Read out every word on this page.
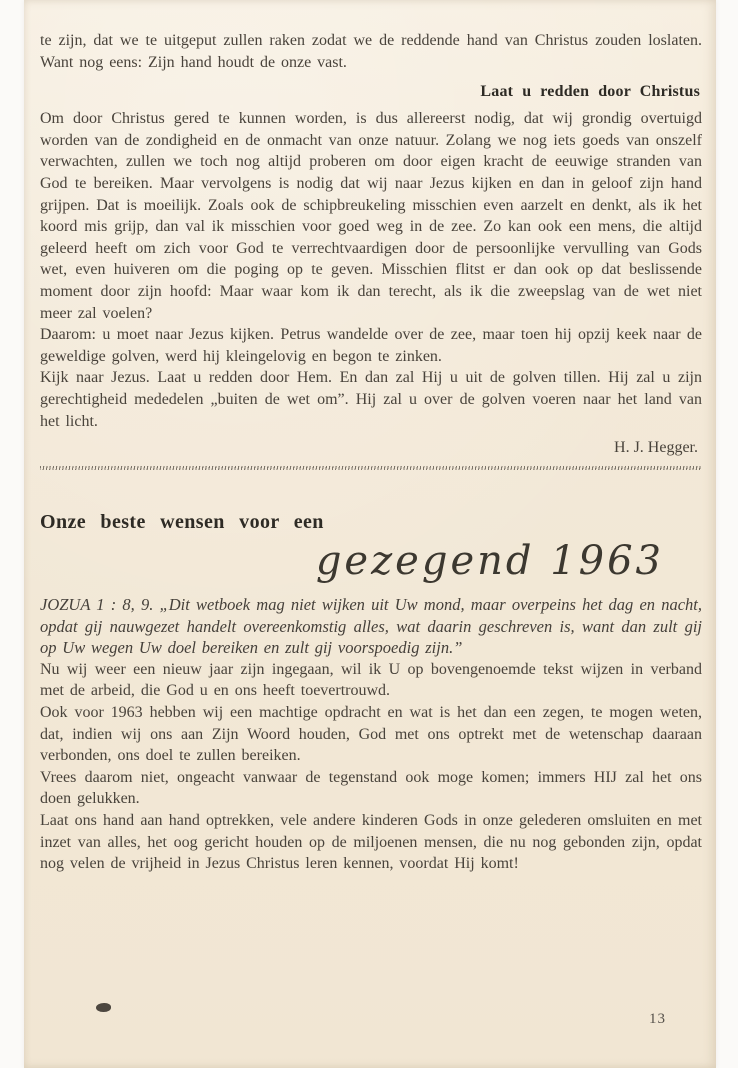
te zijn, dat we te uitgeput zullen raken zodat we de reddende hand van Christus zouden loslaten. Want nog eens: Zijn hand houdt de onze vast.

Laat u redden door Christus

Om door Christus gered te kunnen worden, is dus allereerst nodig, dat wij grondig overtuigd worden van de zondigheid en de onmacht van onze natuur. Zolang we nog iets goeds van onszelf verwachten, zullen we toch nog altijd proberen om door eigen kracht de eeuwige stranden van God te bereiken. Maar vervolgens is nodig dat wij naar Jezus kijken en dan in geloof zijn hand grijpen. Dat is moeilijk. Zoals ook de schipbreukeling misschien even aarzelt en denkt, als ik het koord mis grijp, dan val ik misschien voor goed weg in de zee. Zo kan ook een mens, die altijd geleerd heeft om zich voor God te verrechtvaardigen door de persoonlijke vervulling van Gods wet, even huiveren om die poging op te geven. Misschien flitst er dan ook op dat beslissende moment door zijn hoofd: Maar waar kom ik dan terecht, als ik die zweepslag van de wet niet meer zal voelen?

Daarom: u moet naar Jezus kijken. Petrus wandelde over de zee, maar toen hij opzij keek naar de geweldige golven, werd hij kleingelovig en begon te zinken.

Kijk naar Jezus. Laat u redden door Hem. En dan zal Hij u uit de golven tillen. Hij zal u zijn gerechtigheid mededelen „buiten de wet om”. Hij zal u over de golven voeren naar het land van het licht.

H. J. Hegger.

Onze beste wensen voor een
gezegend 1963

JOZUA 1 : 8, 9. „Dit wetboek mag niet wijken uit Uw mond, maar overpeins het dag en nacht, opdat gij nauwgezet handelt overeenkomstig alles, wat daarin geschreven is, want dan zult gij op Uw wegen Uw doel bereiken en zult gij voorspoedig zijn.”

Nu wij weer een nieuw jaar zijn ingegaan, wil ik U op bovengenoemde tekst wijzen in verband met de arbeid, die God u en ons heeft toevertrouwd.

Ook voor 1963 hebben wij een machtige opdracht en wat is het dan een zegen, te mogen weten, dat, indien wij ons aan Zijn Woord houden, God met ons optrekt met de wetenschap daaraan verbonden, ons doel te zullen bereiken.

Vrees daarom niet, ongeacht vanwaar de tegenstand ook moge komen; immers HIJ zal het ons doen gelukken.

Laat ons hand aan hand optrekken, vele andere kinderen Gods in onze gelederen omsluiten en met inzet van alles, het oog gericht houden op de miljoenen mensen, die nu nog gebonden zijn, opdat nog velen de vrijheid in Jezus Christus leren kennen, voordat Hij komt!

13
